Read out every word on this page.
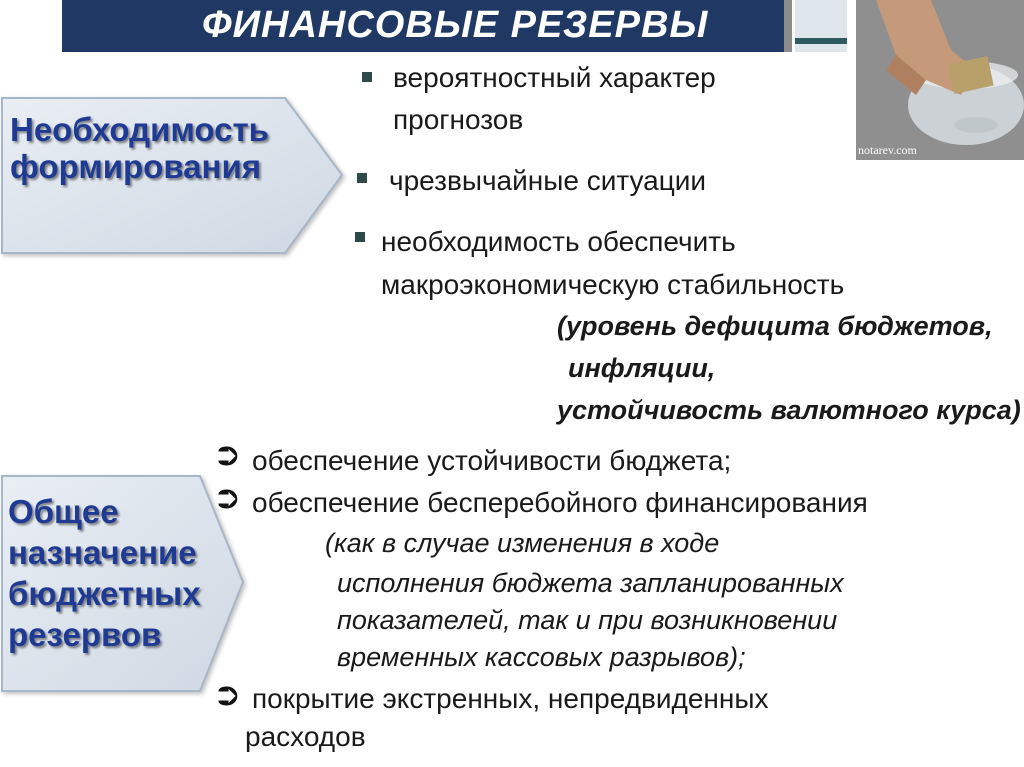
ФИНАНСОВЫЕ РЕЗЕРВЫ
notarev.com
Необходимость
формирования
вероятностный характер
прогнозов
чрезвычайные ситуации
необходимость обеспечить
макроэкономическую стабильность
(уровень дефицита бюджетов,
инфляции,
устойчивость валютного курса)
Общее
назначение
бюджетных
резервов
⮊ обеспечение устойчивости бюджета;
⮊ обеспечение бесперебойного финансирования
(как в случае изменения в ходе
исполнения бюджета запланированных
показателей, так и при возникновении
временных кассовых разрывов);
⮊ покрытие экстренных, непредвиденных
расходов
